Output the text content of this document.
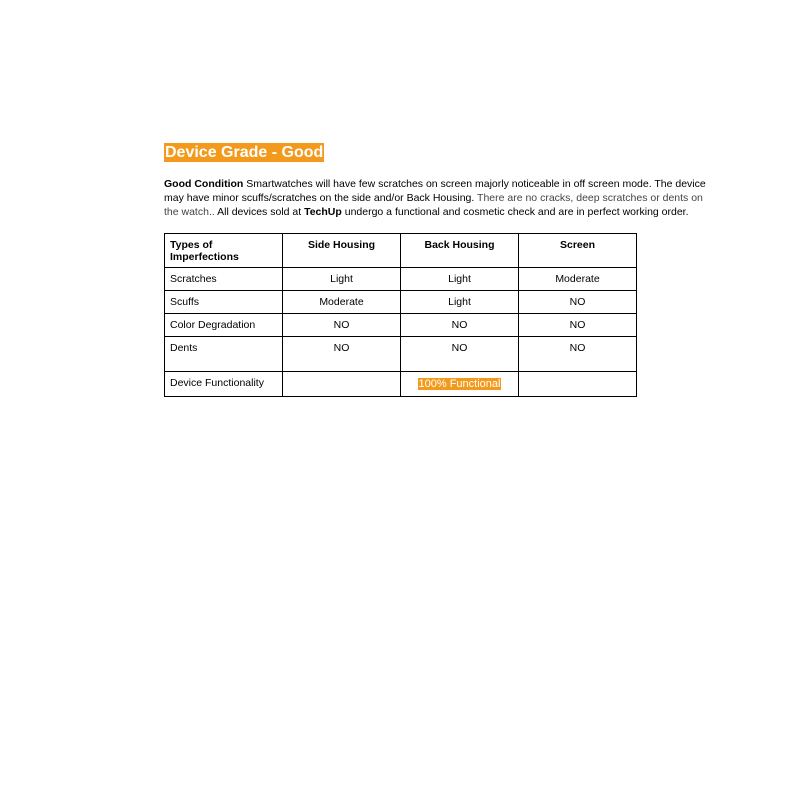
Device Grade - Good
Good Condition Smartwatches will have few scratches on screen majorly noticeable in off screen mode. The device may have minor scuffs/scratches on the side and/or Back Housing. There are no cracks, deep scratches or dents on the watch.. All devices sold at TechUp undergo a functional and cosmetic check and are in perfect working order.
Types of Imperfections	Side Housing	Back Housing	Screen
Scratches	Light	Light	Moderate
Scuffs	Moderate	Light	NO
Color Degradation	NO	NO	NO
Dents	NO	NO	NO
Device Functionality		100% Functional	
